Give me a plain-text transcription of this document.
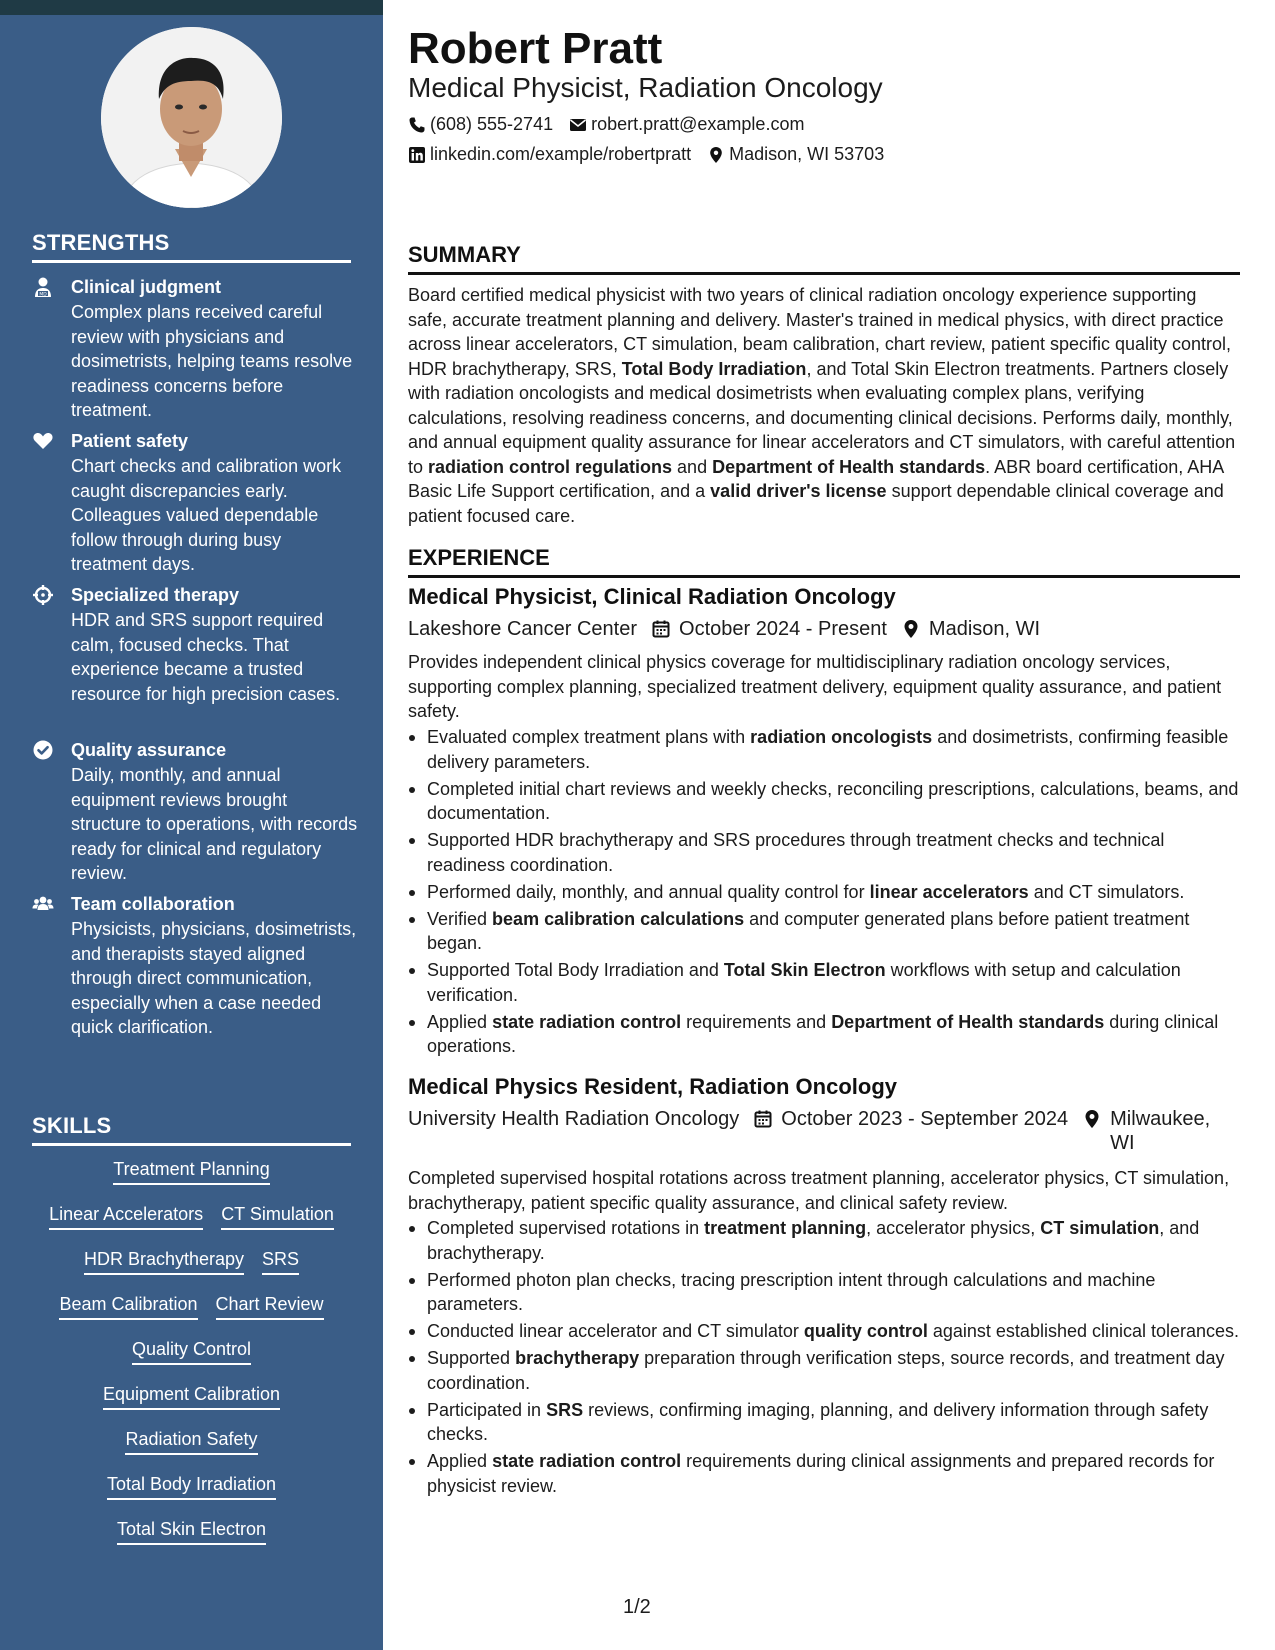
STRENGTHS
MD Clinical judgment
Complex plans received careful review with physicians and dosimetrists, helping teams resolve readiness concerns before treatment.
Patient safety
Chart checks and calibration work caught discrepancies early. Colleagues valued dependable follow through during busy treatment days.
Specialized therapy
HDR and SRS support required calm, focused checks. That experience became a trusted resource for high precision cases.
Quality assurance
Daily, monthly, and annual equipment reviews brought structure to operations, with records ready for clinical and regulatory review.
Team collaboration
Physicists, physicians, dosimetrists, and therapists stayed aligned through direct communication, especially when a case needed quick clarification.
SKILLS
Treatment Planning
Linear Accelerators CT Simulation
HDR Brachytherapy SRS
Beam Calibration Chart Review
Quality Control
Equipment Calibration
Radiation Safety
Total Body Irradiation
Total Skin Electron
Robert Pratt
Medical Physicist, Radiation Oncology
(608) 555-2741 robert.pratt@example.com
linkedin.com/example/robertpratt Madison, WI 53703
SUMMARY
Board certified medical physicist with two years of clinical radiation oncology experience supporting safe, accurate treatment planning and delivery. Master's trained in medical physics, with direct practice across linear accelerators, CT simulation, beam calibration, chart review, patient specific quality control, HDR brachytherapy, SRS, Total Body Irradiation, and Total Skin Electron treatments. Partners closely with radiation oncologists and medical dosimetrists when evaluating complex plans, verifying calculations, resolving readiness concerns, and documenting clinical decisions. Performs daily, monthly, and annual equipment quality assurance for linear accelerators and CT simulators, with careful attention to radiation control regulations and Department of Health standards. ABR board certification, AHA Basic Life Support certification, and a valid driver's license support dependable clinical coverage and patient focused care.
EXPERIENCE
Medical Physicist, Clinical Radiation Oncology
Lakeshore Cancer Center October 2024 - Present Madison, WI
Provides independent clinical physics coverage for multidisciplinary radiation oncology services, supporting complex planning, specialized treatment delivery, equipment quality assurance, and patient safety.
Evaluated complex treatment plans with radiation oncologists and dosimetrists, confirming feasible delivery parameters.
Completed initial chart reviews and weekly checks, reconciling prescriptions, calculations, beams, and documentation.
Supported HDR brachytherapy and SRS procedures through treatment checks and technical readiness coordination.
Performed daily, monthly, and annual quality control for linear accelerators and CT simulators.
Verified beam calibration calculations and computer generated plans before patient treatment began.
Supported Total Body Irradiation and Total Skin Electron workflows with setup and calculation verification.
Applied state radiation control requirements and Department of Health standards during clinical operations.
Medical Physics Resident, Radiation Oncology
University Health Radiation Oncology October 2023 - September 2024 Milwaukee, WI
Completed supervised hospital rotations across treatment planning, accelerator physics, CT simulation, brachytherapy, patient specific quality assurance, and clinical safety review.
Completed supervised rotations in treatment planning, accelerator physics, CT simulation, and brachytherapy.
Performed photon plan checks, tracing prescription intent through calculations and machine parameters.
Conducted linear accelerator and CT simulator quality control against established clinical tolerances.
Supported brachytherapy preparation through verification steps, source records, and treatment day coordination.
Participated in SRS reviews, confirming imaging, planning, and delivery information through safety checks.
Applied state radiation control requirements during clinical assignments and prepared records for physicist review.
1/2
